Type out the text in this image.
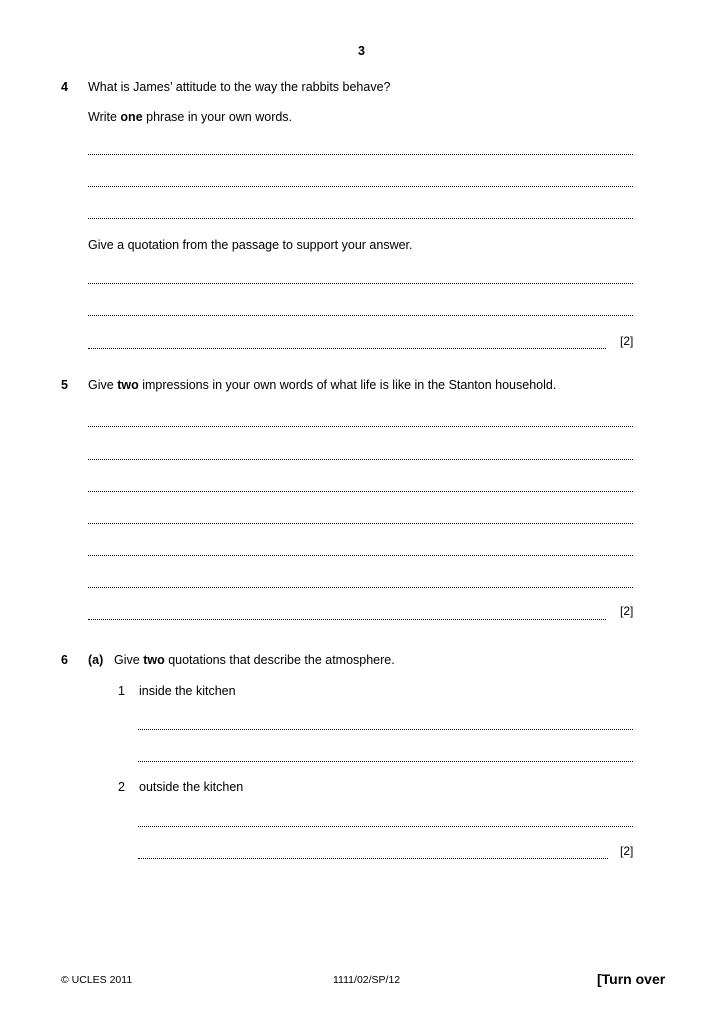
3
4 What is James’ attitude to the way the rabbits behave?
Write one phrase in your own words.
Give a quotation from the passage to support your answer.
[2]
5 Give two impressions in your own words of what life is like in the Stanton household.
[2]
6 (a) Give two quotations that describe the atmosphere.
1 inside the kitchen
2 outside the kitchen
[2]
© UCLES 2011	1111/02/SP/12	[Turn over
